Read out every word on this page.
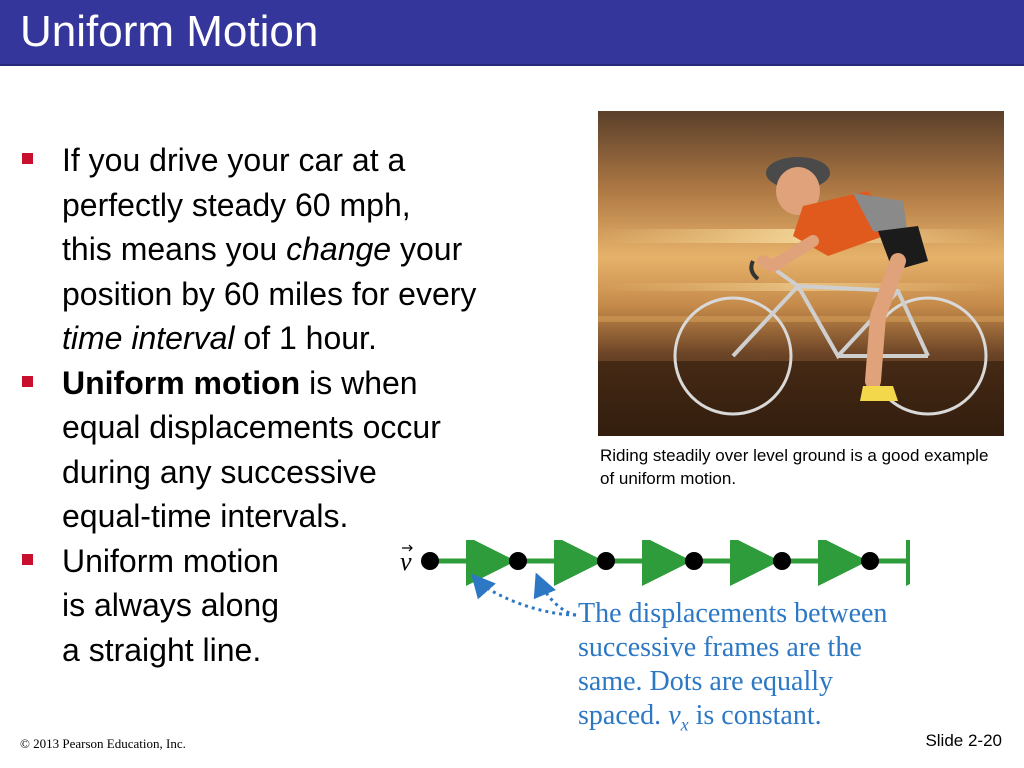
Uniform Motion
If you drive your car at a
perfectly steady 60 mph,
this means you change your
position by 60 miles for every
time interval of 1 hour.
Uniform motion is when
equal displacements occur
during any successive
equal-time intervals.
Uniform motion
is always along
a straight line.
Riding steadily over level ground is a good example of uniform motion.
v
The displacements between
successive frames are the
same. Dots are equally
spaced. $v_x$ is constant.
© 2013 Pearson Education, Inc.	Slide 2-20
